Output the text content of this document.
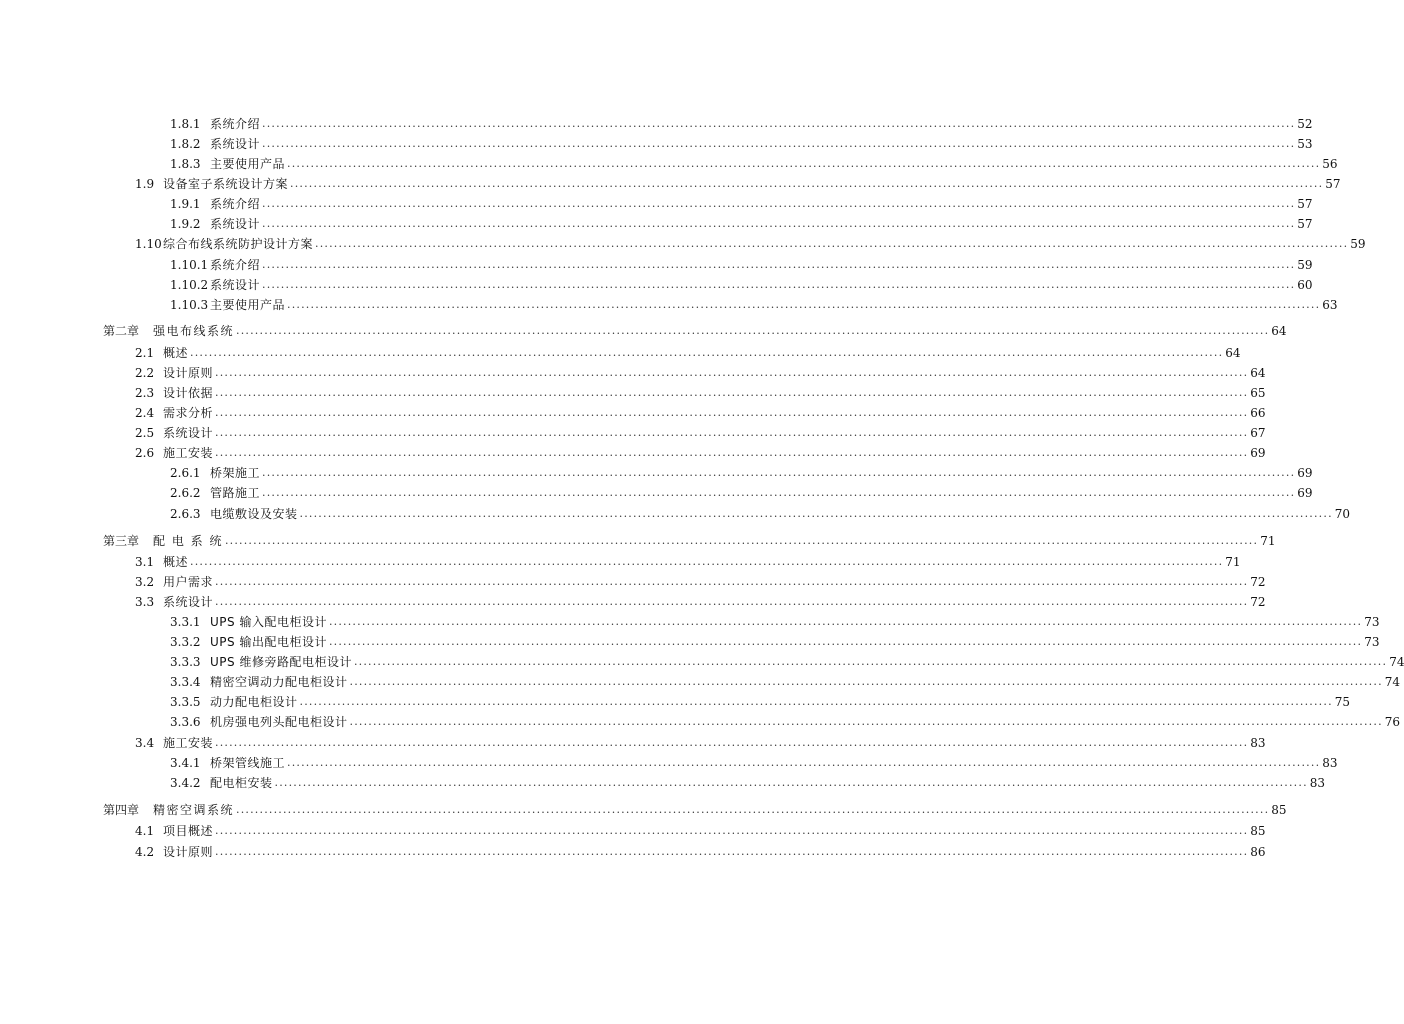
1.8.1 系统介绍 ............................................................................................................................................................................................................................ 52
1.8.2 系统设计 ............................................................................................................................................................................................................................ 53
1.8.3 主要使用产品 ............................................................................................................................................................................................................................ 56
1.9 设备室子系统设计方案 ............................................................................................................................................................................................................................ 57
1.9.1 系统介绍 ............................................................................................................................................................................................................................ 57
1.9.2 系统设计 ............................................................................................................................................................................................................................ 57
1.10 综合布线系统防护设计方案 ............................................................................................................................................................................................................................ 59
1.10.1 系统介绍 ............................................................................................................................................................................................................................ 59
1.10.2 系统设计 ............................................................................................................................................................................................................................ 60
1.10.3 主要使用产品 ............................................................................................................................................................................................................................ 63
第二章	强电布线系统 ............................................................................................................................................................................................................................ 64
2.1 概述 ............................................................................................................................................................................................................................ 64
2.2 设计原则 ............................................................................................................................................................................................................................ 64
2.3 设计依据 ............................................................................................................................................................................................................................ 65
2.4 需求分析 ............................................................................................................................................................................................................................ 66
2.5 系统设计 ............................................................................................................................................................................................................................ 67
2.6 施工安装 ............................................................................................................................................................................................................................ 69
2.6.1 桥架施工 ............................................................................................................................................................................................................................ 69
2.6.2 管路施工 ............................................................................................................................................................................................................................ 69
2.6.3 电缆敷设及安装 ............................................................................................................................................................................................................................ 70
第三章	配 电 系 统 ............................................................................................................................................................................................................................ 71
3.1 概述 ............................................................................................................................................................................................................................ 71
3.2 用户需求 ............................................................................................................................................................................................................................ 72
3.3 系统设计 ............................................................................................................................................................................................................................ 72
3.3.1 UPS 输入配电柜设计 ............................................................................................................................................................................................................................ 73
3.3.2 UPS 输出配电柜设计 ............................................................................................................................................................................................................................ 73
3.3.3 UPS 维修旁路配电柜设计 ............................................................................................................................................................................................................................ 74
3.3.4 精密空调动力配电柜设计 ............................................................................................................................................................................................................................ 74
3.3.5 动力配电柜设计 ............................................................................................................................................................................................................................ 75
3.3.6 机房强电列头配电柜设计 ............................................................................................................................................................................................................................ 76
3.4 施工安装 ............................................................................................................................................................................................................................ 83
3.4.1 桥架管线施工 ............................................................................................................................................................................................................................ 83
3.4.2 配电柜安装 ............................................................................................................................................................................................................................ 83
第四章	精密空调系统 ............................................................................................................................................................................................................................ 85
4.1 项目概述 ............................................................................................................................................................................................................................ 85
4.2 设计原则 ............................................................................................................................................................................................................................ 86
